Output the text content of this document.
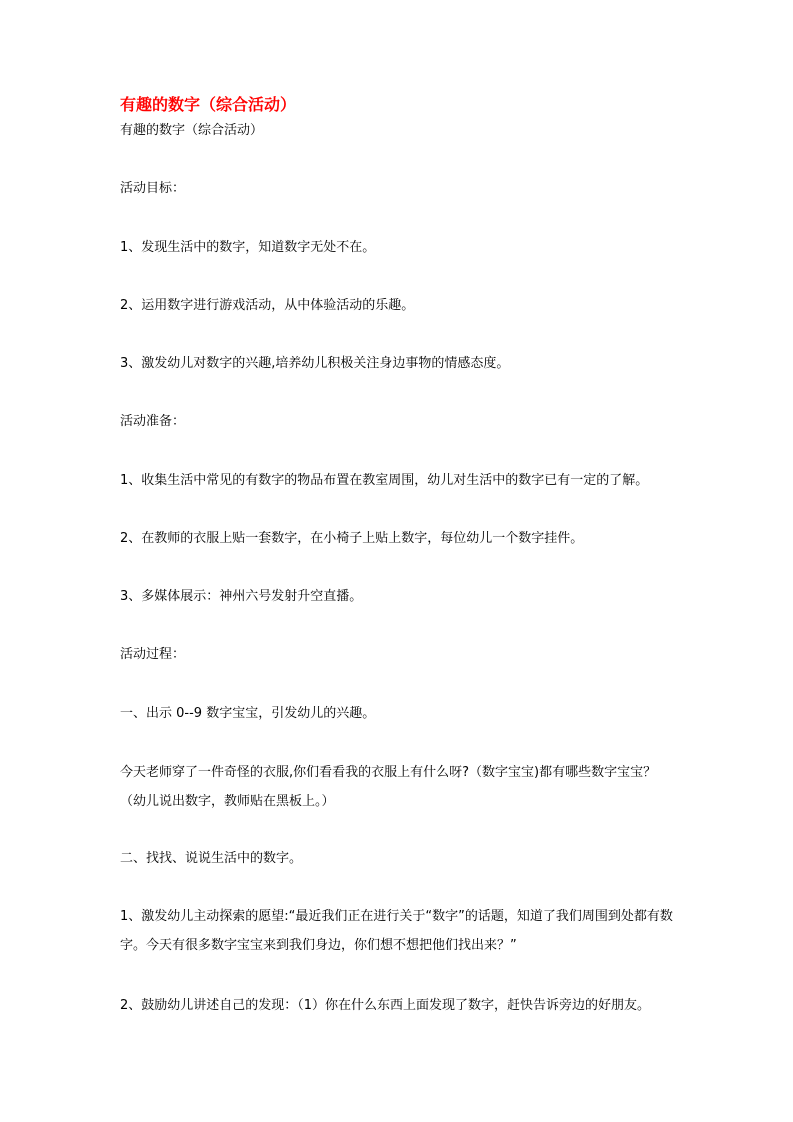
有趣的数字（综合活动）
有趣的数字（综合活动）
活动目标：
1、发现生活中的数字，知道数字无处不在。
2、运用数字进行游戏活动，从中体验活动的乐趣。
3、激发幼儿对数字的兴趣,培养幼儿积极关注身边事物的情感态度。
活动准备：
1、收集生活中常见的有数字的物品布置在教室周围，幼儿对生活中的数字已有一定的了解。
2、在教师的衣服上贴一套数字，在小椅子上贴上数字，每位幼儿一个数字挂件。
3、多媒体展示：神州六号发射升空直播。
活动过程：
一、出示 0--9 数字宝宝，引发幼儿的兴趣。
今天老师穿了一件奇怪的衣服,你们看看我的衣服上有什么呀?（数字宝宝)都有哪些数字宝宝？（幼儿说出数字，教师贴在黑板上。）
二、找找、说说生活中的数字。
1、激发幼儿主动探索的愿望:“最近我们正在进行关于“数字”的话题，知道了我们周围到处都有数字。今天有很多数字宝宝来到我们身边，你们想不想把他们找出来？”
2、鼓励幼儿讲述自己的发现：（1）你在什么东西上面发现了数字，赶快告诉旁边的好朋友。
